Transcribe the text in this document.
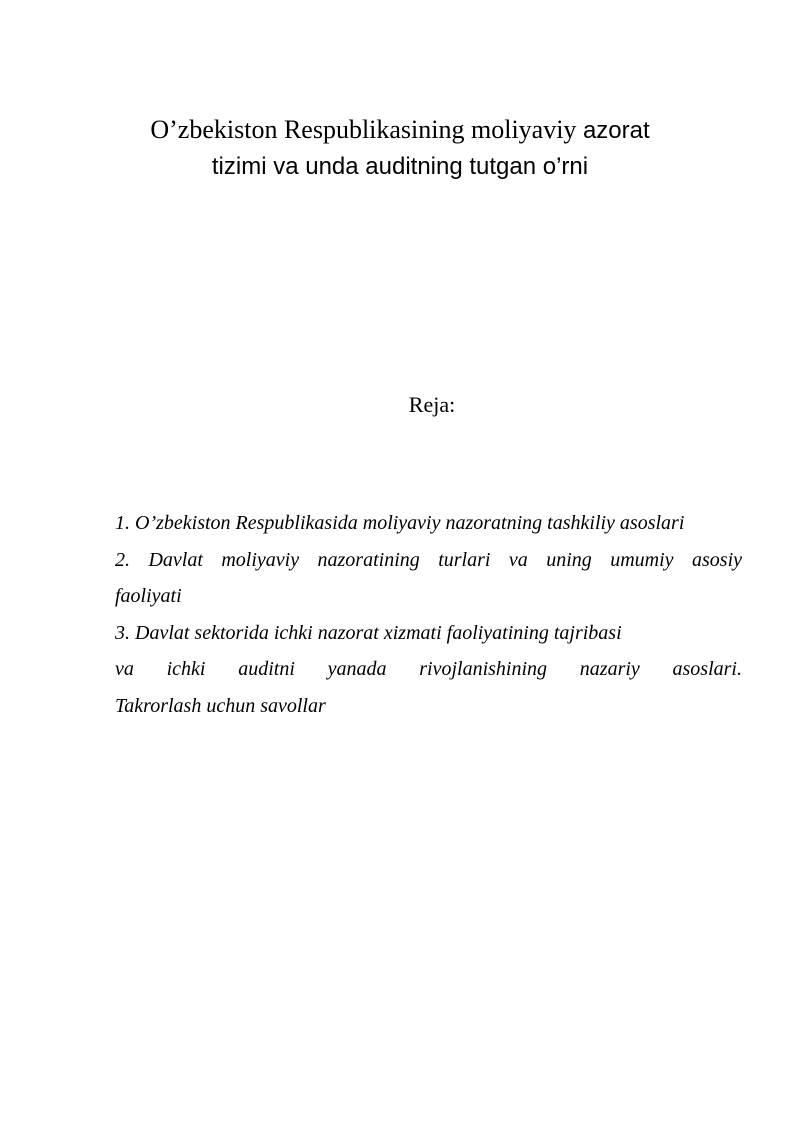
O’zbekiston Respublikasining moliyaviy azorat
tizimi va unda auditning tutgan o’rni
Reja:
1. O’zbekiston Respublikasida moliyaviy nazoratning tashkiliy asoslari
2. Davlat moliyaviy nazoratining turlari va uning umumiy asosiy
faoliyati
3. Davlat sektorida ichki nazorat xizmati faoliyatining tajribasi
va ichki auditni yanada rivojlanishining nazariy asoslari.
Takrorlash uchun savollar
